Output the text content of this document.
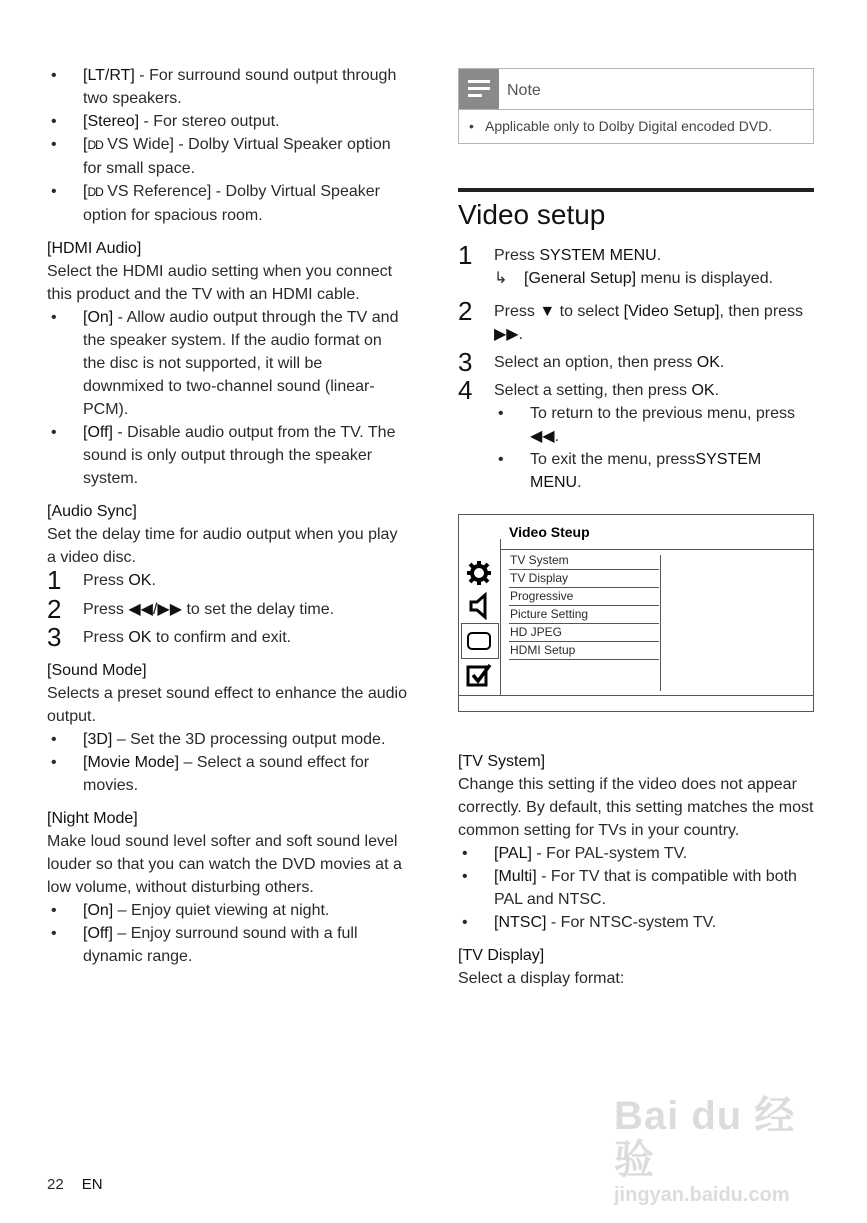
• [LT/RT] - For surround sound output through two speakers.
• [Stereo] - For stereo output.
• [DD VS Wide] - Dolby Virtual Speaker option for small space.
• [DD VS Reference] - Dolby Virtual Speaker option for spacious room.

[HDMI Audio]

Select the HDMI audio setting when you connect this product and the TV with an HDMI cable.

• [On] - Allow audio output through the TV and the speaker system. If the audio format on the disc is not supported, it will be downmixed to two-channel sound (linear-PCM).
• [Off] - Disable audio output from the TV. The sound is only output through the speaker system.

[Audio Sync]

Set the delay time for audio output when you play a video disc.

1 Press OK.
2 Press ◀◀/▶▶ to set the delay time.
3 Press OK to confirm and exit.

[Sound Mode]

Selects a preset sound effect to enhance the audio output.

• [3D] – Set the 3D processing output mode.
• [Movie Mode] – Select a sound effect for movies.

[Night Mode]

Make loud sound level softer and soft sound level louder so that you can watch the DVD movies at a low volume, without disturbing others.

• [On] – Enjoy quiet viewing at night.
• [Off] – Enjoy surround sound with a full dynamic range.
Note
• Applicable only to Dolby Digital encoded DVD.
Video setup
1 Press SYSTEM MENU.
↳ [General Setup] menu is displayed.
2 Press ▼ to select [Video Setup], then press ▶▶.
3 Select an option, then press OK.
4 Select a setting, then press OK.
• To return to the previous menu, press ◀◀.
• To exit the menu, pressSYSTEM MENU.
Video Steup
TV System
TV Display
Progressive
Picture Setting
HD JPEG
HDMI Setup

[TV System]

Change this setting if the video does not appear correctly. By default, this setting matches the most common setting for TVs in your country.

• [PAL] - For PAL-system TV.
• [Multi] - For TV that is compatible with both PAL and NTSC.
• [NTSC] - For NTSC-system TV.

[TV Display]

Select a display format:

22 EN
Bai du 经验
jingyan.baidu.com
